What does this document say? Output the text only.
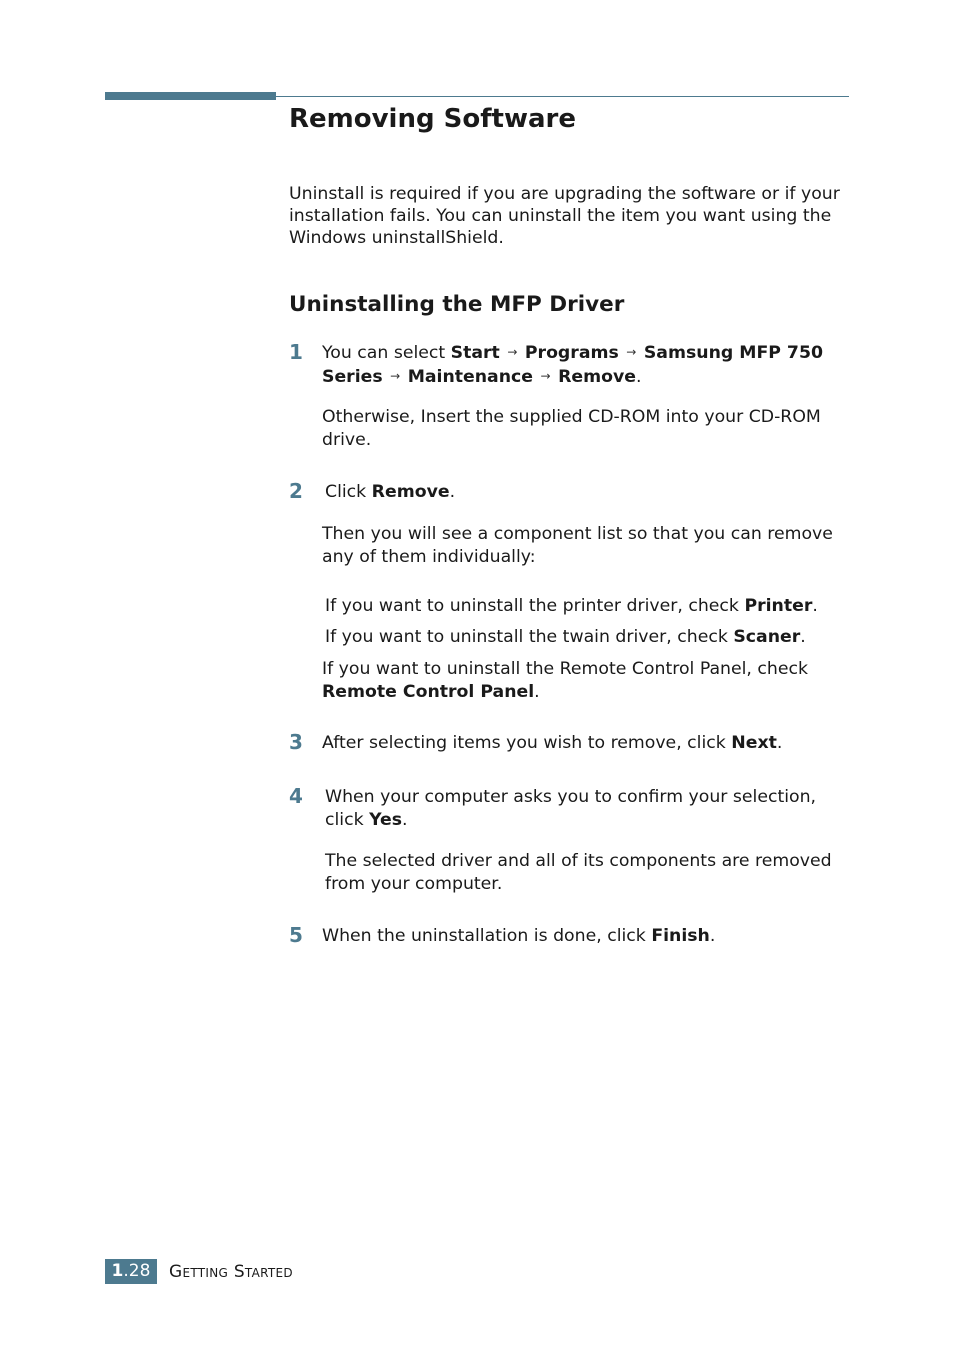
Removing Software

Uninstall is required if you are upgrading the software or if your installation fails. You can uninstall the item you want using the Windows uninstallShield.

Uninstalling the MFP Driver
1 You can select Start → Programs → Samsung MFP 750 Series → Maintenance → Remove.

Otherwise, Insert the supplied CD-ROM into your CD-ROM drive.

2 Click Remove.

Then you will see a component list so that you can remove any of them individually:

If you want to uninstall the printer driver, check Printer.

If you want to uninstall the twain driver, check Scaner.

If you want to uninstall the Remote Control Panel, check Remote Control Panel.

3 After selecting items you wish to remove, click Next.

4 When your computer asks you to confirm your selection, click Yes.

The selected driver and all of its components are removed from your computer.

5 When the uninstallation is done, click Finish.

1.28	Getting Started
